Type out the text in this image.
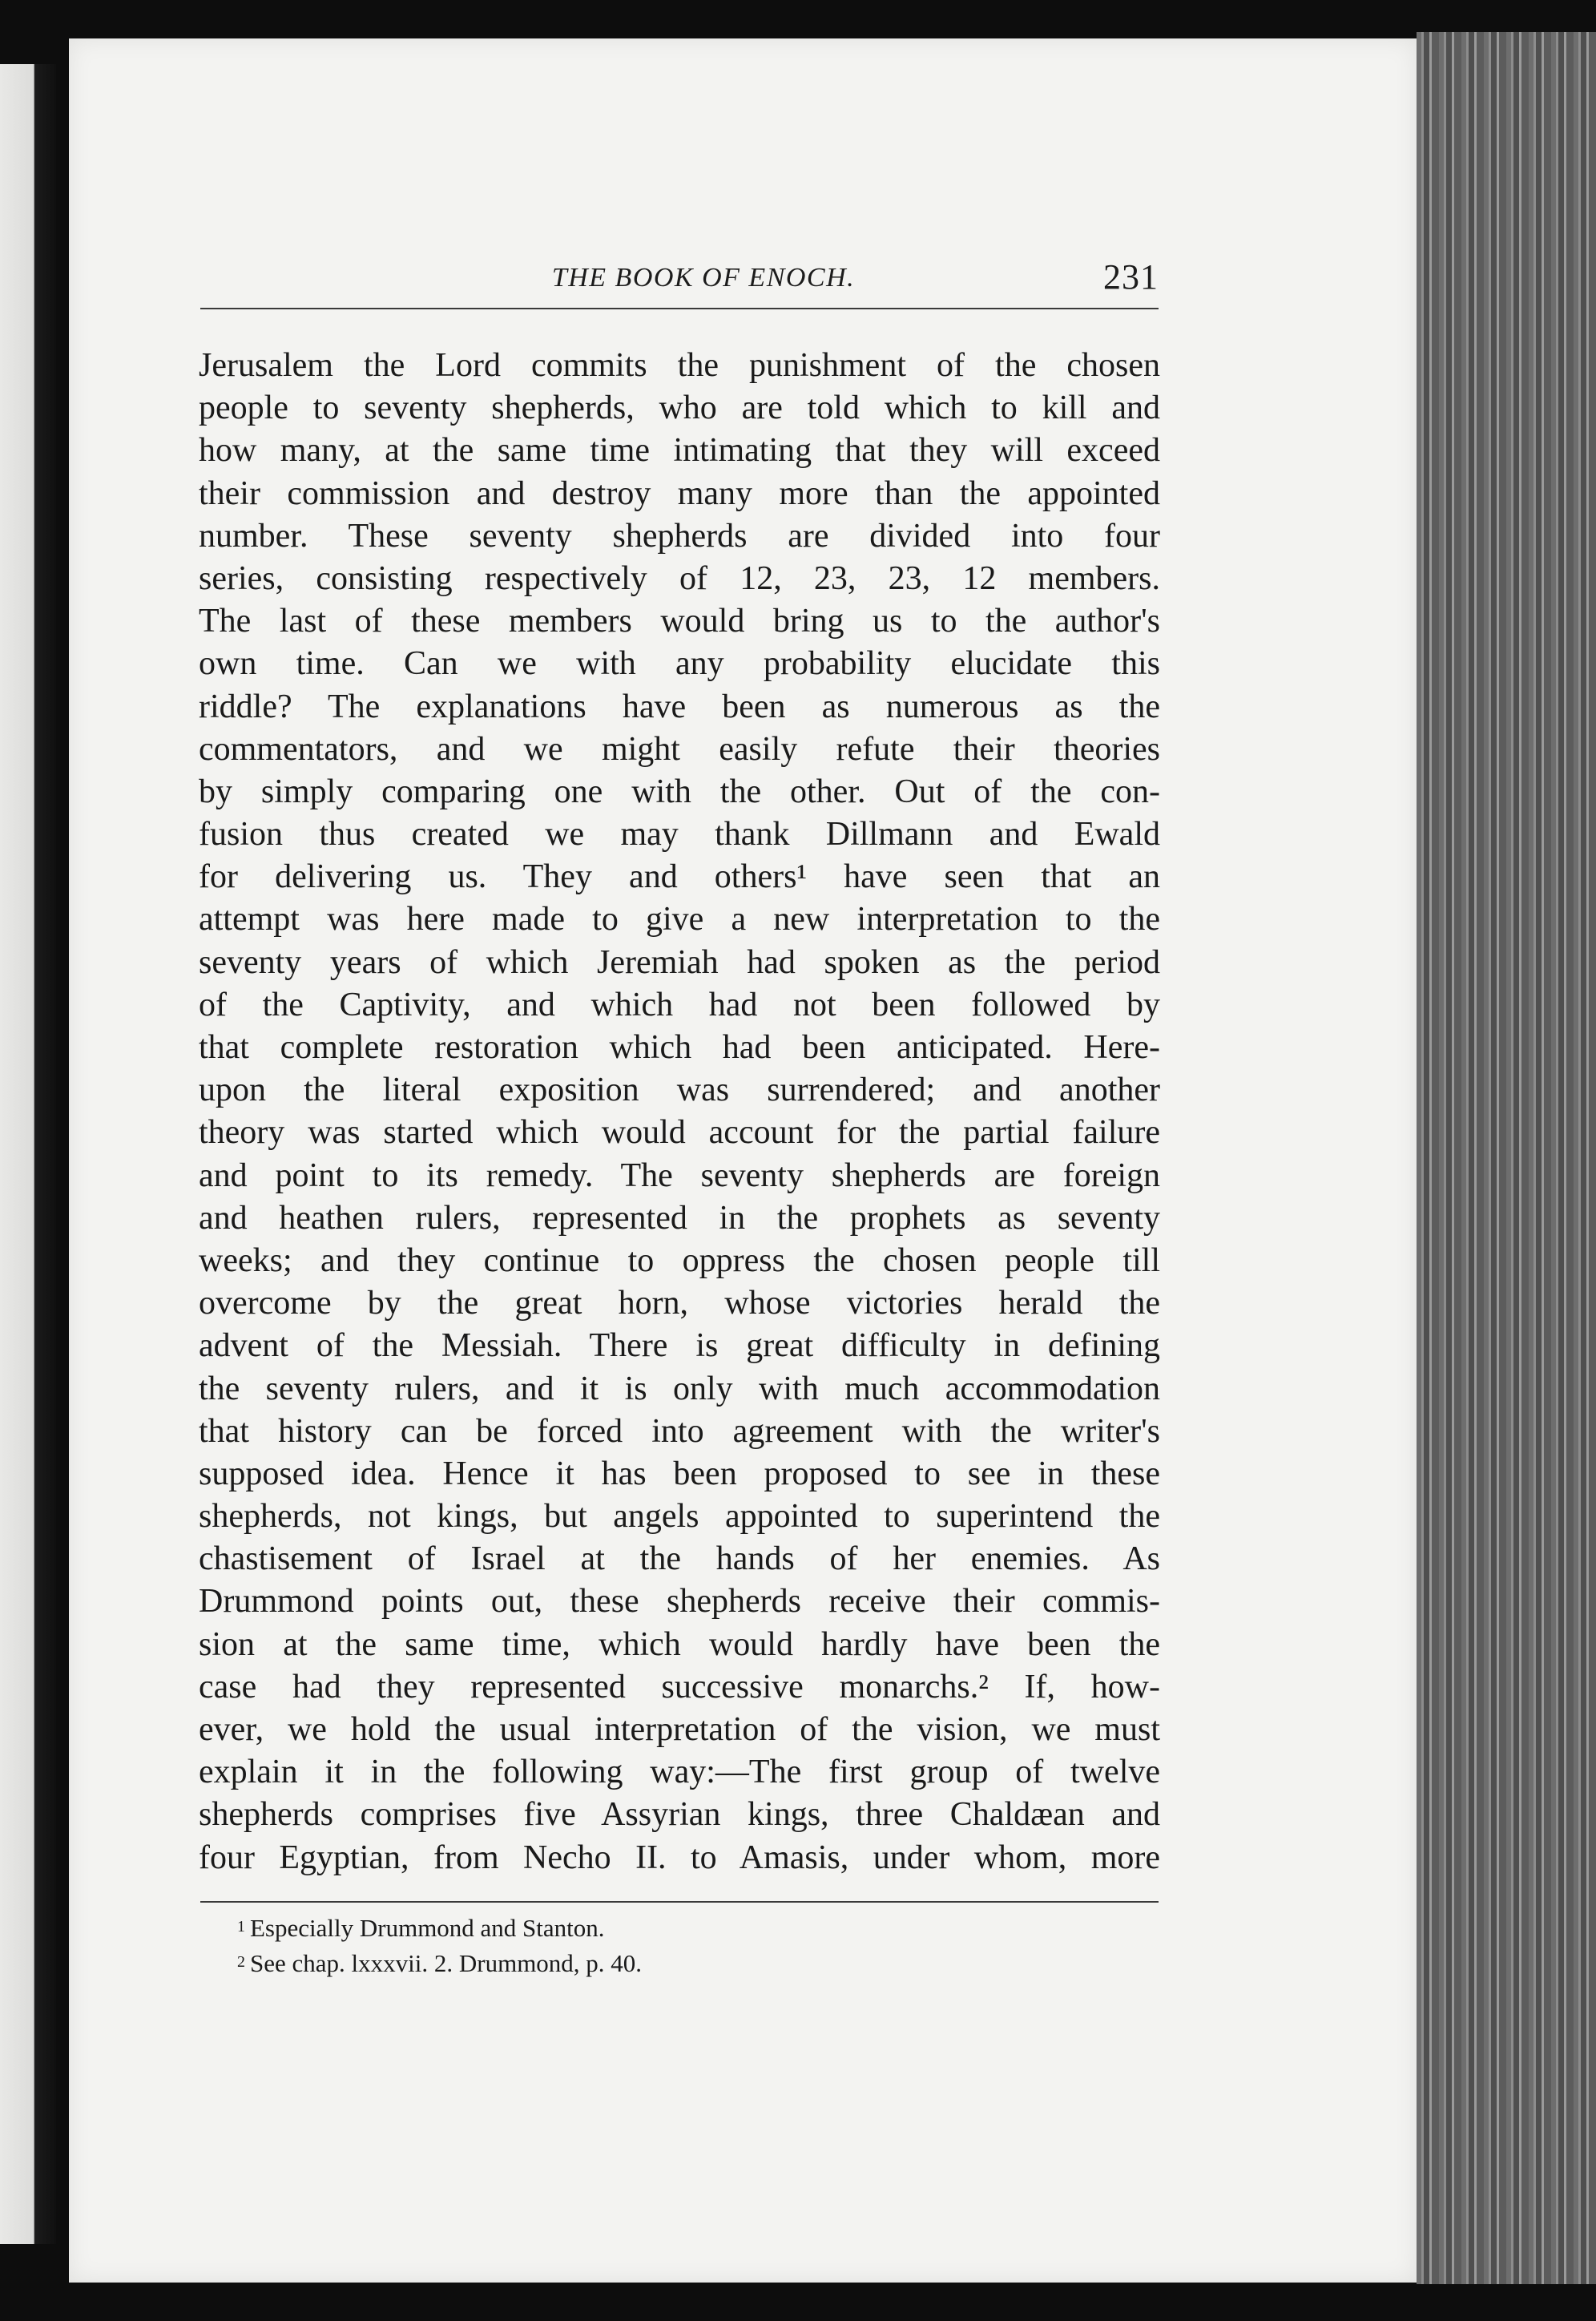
THE BOOK OF ENOCH.	231
Jerusalem the Lord commits the punishment of the chosen
people to seventy shepherds, who are told which to kill and
how many, at the same time intimating that they will exceed
their commission and destroy many more than the appointed
number. These seventy shepherds are divided into four
series, consisting respectively of 12, 23, 23, 12 members.
The last of these members would bring us to the author's
own time. Can we with any probability elucidate this
riddle? The explanations have been as numerous as the
commentators, and we might easily refute their theories
by simply comparing one with the other. Out of the con-
fusion thus created we may thank Dillmann and Ewald
for delivering us. They and others¹ have seen that an
attempt was here made to give a new interpretation to the
seventy years of which Jeremiah had spoken as the period
of the Captivity, and which had not been followed by
that complete restoration which had been anticipated. Here-
upon the literal exposition was surrendered; and another
theory was started which would account for the partial failure
and point to its remedy. The seventy shepherds are foreign
and heathen rulers, represented in the prophets as seventy
weeks; and they continue to oppress the chosen people till
overcome by the great horn, whose victories herald the
advent of the Messiah. There is great difficulty in defining
the seventy rulers, and it is only with much accommodation
that history can be forced into agreement with the writer's
supposed idea. Hence it has been proposed to see in these
shepherds, not kings, but angels appointed to superintend the
chastisement of Israel at the hands of her enemies. As
Drummond points out, these shepherds receive their commis-
sion at the same time, which would hardly have been the
case had they represented successive monarchs.² If, how-
ever, we hold the usual interpretation of the vision, we must
explain it in the following way:—The first group of twelve
shepherds comprises five Assyrian kings, three Chaldæan and
four Egyptian, from Necho II. to Amasis, under whom, more
$^1$ Especially Drummond and Stanton.
$^2$ See chap. lxxxvii. 2. Drummond, p. 40.
